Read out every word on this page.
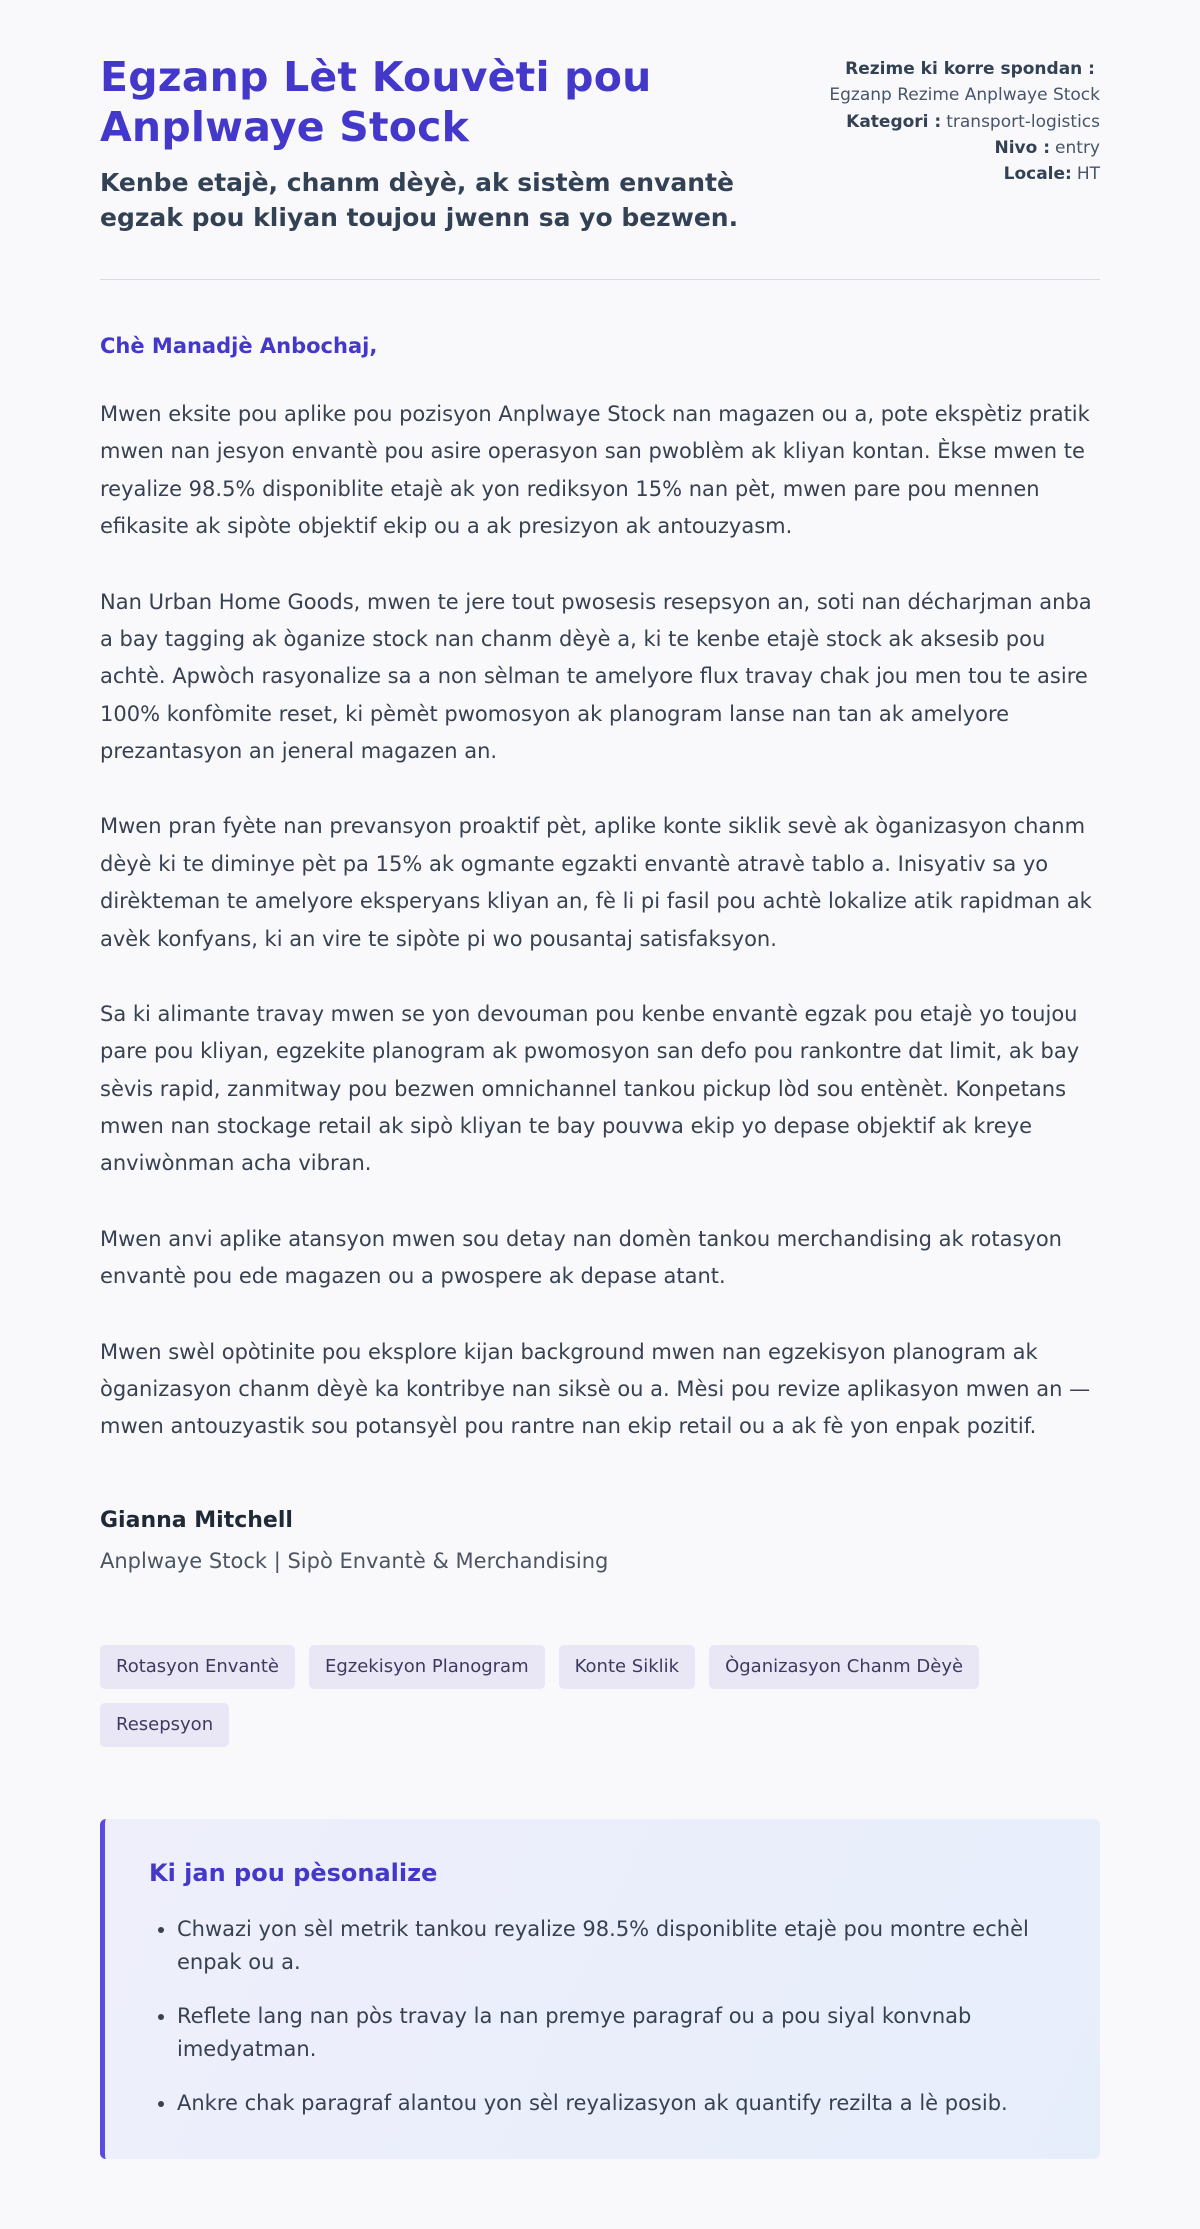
Egzanp Lèt Kouvèti pou Anplwaye Stock

Kenbe etajè, chanm dèyè, ak sistèm envantè egzak pou kliyan toujou jwenn sa yo bezwen.

Rezime ki korre spondan :
Egzanp Rezime Anplwaye Stock
Kategori : transport-logistics
Nivo : entry
Locale: HT

Chè Manadjè Anbochaj,

Mwen eksite pou aplike pou pozisyon Anplwaye Stock nan magazen ou a, pote ekspètiz pratik mwen nan jesyon envantè pou asire operasyon san pwoblèm ak kliyan kontan. Èkse mwen te reyalize 98.5% disponiblite etajè ak yon rediksyon 15% nan pèt, mwen pare pou mennen efikasite ak sipòte objektif ekip ou a ak presizyon ak antouzyasm.

Nan Urban Home Goods, mwen te jere tout pwosesis resepsyon an, soti nan décharjman anba a bay tagging ak òganize stock nan chanm dèyè a, ki te kenbe etajè stock ak aksesib pou achtè. Apwòch rasyonalize sa a non sèlman te amelyore flux travay chak jou men tou te asire 100% konfòmite reset, ki pèmèt pwomosyon ak planogram lanse nan tan ak amelyore prezantasyon an jeneral magazen an.

Mwen pran fyète nan prevansyon proaktif pèt, aplike konte siklik sevè ak òganizasyon chanm dèyè ki te diminye pèt pa 15% ak ogmante egzakti envantè atravè tablo a. Inisyativ sa yo dirèkteman te amelyore eksperyans kliyan an, fè li pi fasil pou achtè lokalize atik rapidman ak avèk konfyans, ki an vire te sipòte pi wo pousantaj satisfaksyon.

Sa ki alimante travay mwen se yon devouman pou kenbe envantè egzak pou etajè yo toujou pare pou kliyan, egzekite planogram ak pwomosyon san defo pou rankontre dat limit, ak bay sèvis rapid, zanmitway pou bezwen omnichannel tankou pickup lòd sou entènèt. Konpetans mwen nan stockage retail ak sipò kliyan te bay pouvwa ekip yo depase objektif ak kreye anviwònman acha vibran.

Mwen anvi aplike atansyon mwen sou detay nan domèn tankou merchandising ak rotasyon envantè pou ede magazen ou a pwospere ak depase atant.

Mwen swèl opòtinite pou eksplore kijan background mwen nan egzekisyon planogram ak òganizasyon chanm dèyè ka kontribye nan siksè ou a. Mèsi pou revize aplikasyon mwen an —mwen antouzyastik sou potansyèl pou rantre nan ekip retail ou a ak fè yon enpak pozitif.

Gianna Mitchell

Anplwaye Stock | Sipò Envantè & Merchandising

Rotasyon Envantè	Egzekisyon Planogram	Konte Siklik	Òganizasyon Chanm Dèyè
Resepsyon
Ki jan pou pèsonalize
• Chwazi yon sèl metrik tankou reyalize 98.5% disponiblite etajè pou montre echèl enpak ou a.
• Reflete lang nan pòs travay la nan premye paragraf ou a pou siyal konvnab imedyatman.
• Ankre chak paragraf alantou yon sèl reyalizasyon ak quantify rezilta a lè posib.
